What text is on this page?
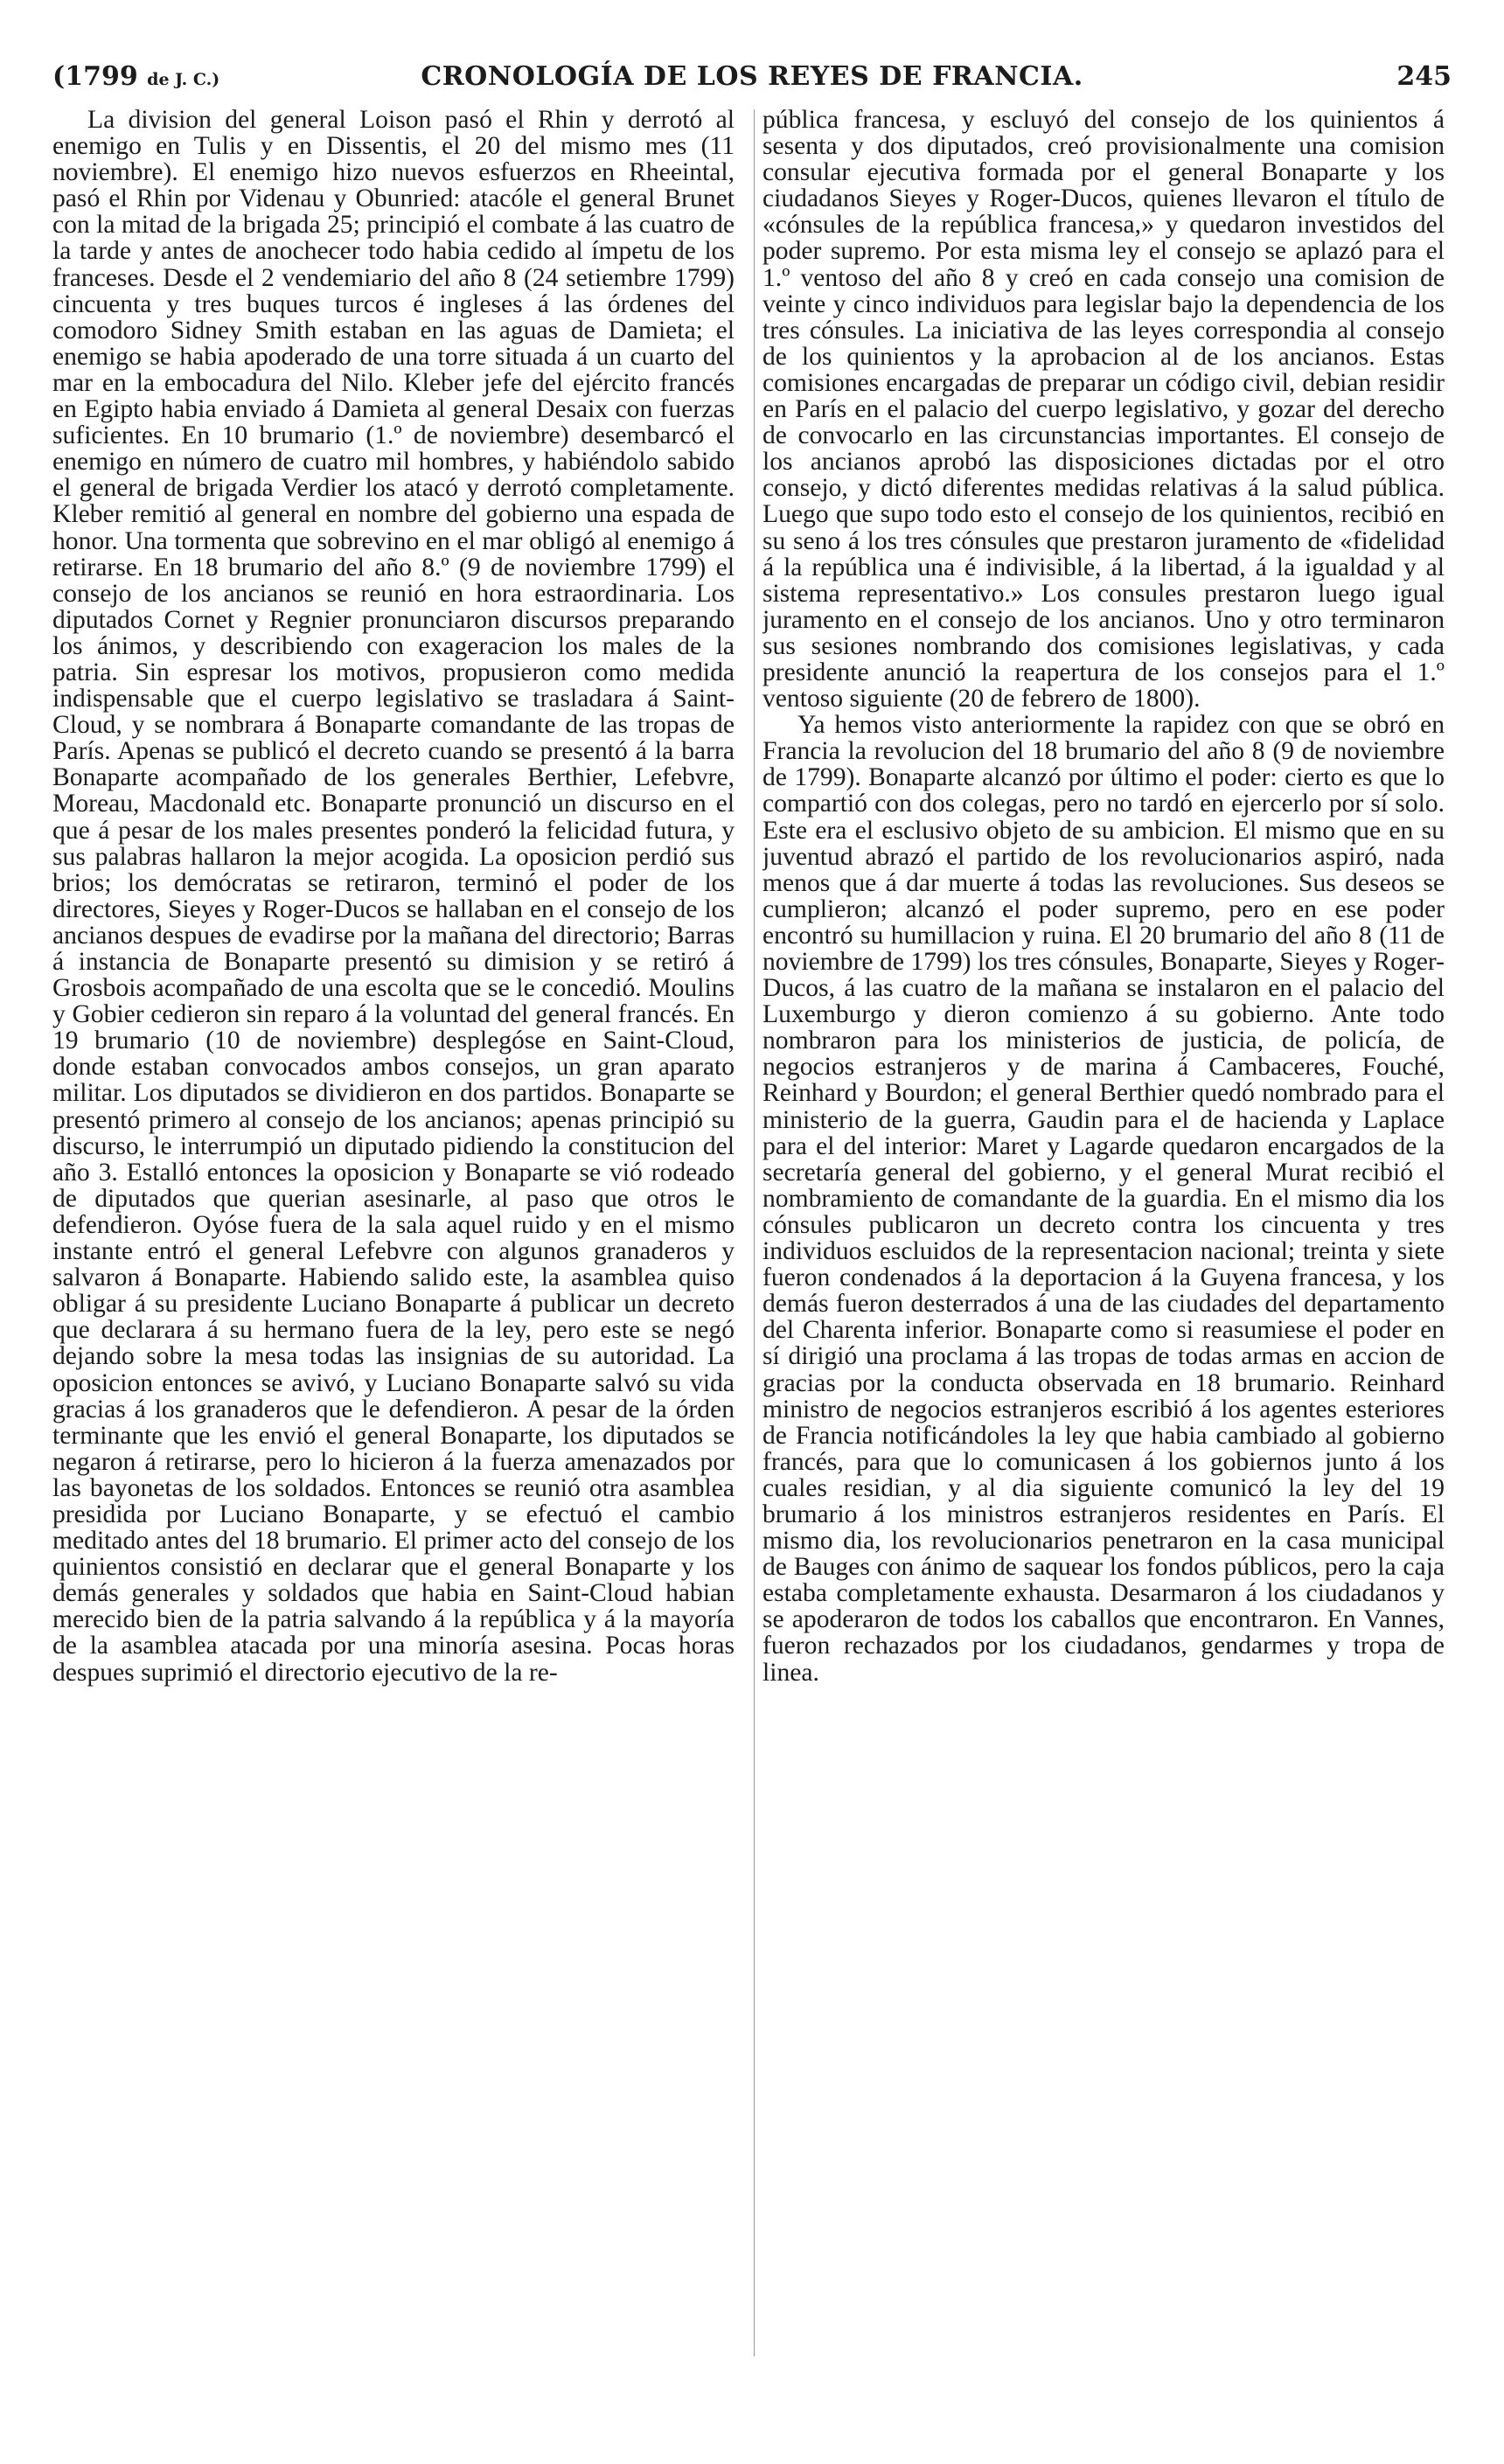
(1799 de J. C.)	CRONOLOGÍA DE LOS REYES DE FRANCIA.	245

La division del general Loison pasó el Rhin y derrotó al enemigo en Tulis y en Dissentis, el 20 del mismo mes (11 noviembre). El enemigo hizo nuevos esfuerzos en Rheeintal, pasó el Rhin por Videnau y Obunried: atacóle el general Brunet con la mitad de la brigada 25; principió el combate á las cuatro de la tarde y antes de anochecer todo habia cedido al ímpetu de los franceses. Desde el 2 vendemiario del año 8 (24 setiembre 1799) cincuenta y tres buques turcos é ingleses á las órdenes del comodoro Sidney Smith estaban en las aguas de Damieta; el enemigo se habia apoderado de una torre situada á un cuarto del mar en la embocadura del Nilo. Kleber jefe del ejército francés en Egipto habia enviado á Damieta al general Desaix con fuerzas suficientes. En 10 brumario (1.º de noviembre) desembarcó el enemigo en número de cuatro mil hombres, y habiéndolo sabido el general de brigada Verdier los atacó y derrotó completamente. Kleber remitió al general en nombre del gobierno una espada de honor. Una tormenta que sobrevino en el mar obligó al enemigo á retirarse. En 18 brumario del año 8.º (9 de noviembre 1799) el consejo de los ancianos se reunió en hora estraordinaria. Los diputados Cornet y Regnier pronunciaron discursos preparando los ánimos, y describiendo con exageracion los males de la patria. Sin espresar los motivos, propusieron como medida indispensable que el cuerpo legislativo se trasladara á Saint-Cloud, y se nombrara á Bonaparte comandante de las tropas de París. Apenas se publicó el decreto cuando se presentó á la barra Bonaparte acompañado de los generales Berthier, Lefebvre, Moreau, Macdonald etc. Bonaparte pronunció un discurso en el que á pesar de los males presentes ponderó la felicidad futura, y sus palabras hallaron la mejor acogida. La oposicion perdió sus brios; los demócratas se retiraron, terminó el poder de los directores, Sieyes y Roger-Ducos se hallaban en el consejo de los ancianos despues de evadirse por la mañana del directorio; Barras á instancia de Bonaparte presentó su dimision y se retiró á Grosbois acompañado de una escolta que se le concedió. Moulins y Gobier cedieron sin reparo á la voluntad del general francés. En 19 brumario (10 de noviembre) desplegóse en Saint-Cloud, donde estaban convocados ambos consejos, un gran aparato militar. Los diputados se dividieron en dos partidos. Bonaparte se presentó primero al consejo de los ancianos; apenas principió su discurso, le interrumpió un diputado pidiendo la constitucion del año 3. Estalló entonces la oposicion y Bonaparte se vió rodeado de diputados que querian asesinarle, al paso que otros le defendieron. Oyóse fuera de la sala aquel ruido y en el mismo instante entró el general Lefebvre con algunos granaderos y salvaron á Bonaparte. Habiendo salido este, la asamblea quiso obligar á su presidente Luciano Bonaparte á publicar un decreto que declarara á su hermano fuera de la ley, pero este se negó dejando sobre la mesa todas las insignias de su autoridad. La oposicion entonces se avivó, y Luciano Bonaparte salvó su vida gracias á los granaderos que le defendieron. A pesar de la órden terminante que les envió el general Bonaparte, los diputados se negaron á retirarse, pero lo hicieron á la fuerza amenazados por las bayonetas de los soldados. Entonces se reunió otra asamblea presidida por Luciano Bonaparte, y se efectuó el cambio meditado antes del 18 brumario. El primer acto del consejo de los quinientos consistió en declarar que el general Bonaparte y los demás generales y soldados que habia en Saint-Cloud habian merecido bien de la patria salvando á la república y á la mayoría de la asamblea atacada por una minoría asesina. Pocas horas despues suprimió el directorio ejecutivo de la re-

pública francesa, y escluyó del consejo de los quinientos á sesenta y dos diputados, creó provisionalmente una comision consular ejecutiva formada por el general Bonaparte y los ciudadanos Sieyes y Roger-Ducos, quienes llevaron el título de «cónsules de la república francesa,» y quedaron investidos del poder supremo. Por esta misma ley el consejo se aplazó para el 1.º ventoso del año 8 y creó en cada consejo una comision de veinte y cinco individuos para legislar bajo la dependencia de los tres cónsules. La iniciativa de las leyes correspondia al consejo de los quinientos y la aprobacion al de los ancianos. Estas comisiones encargadas de preparar un código civil, debian residir en París en el palacio del cuerpo legislativo, y gozar del derecho de convocarlo en las circunstancias importantes. El consejo de los ancianos aprobó las disposiciones dictadas por el otro consejo, y dictó diferentes medidas relativas á la salud pública. Luego que supo todo esto el consejo de los quinientos, recibió en su seno á los tres cónsules que prestaron juramento de «fidelidad á la república una é indivisible, á la libertad, á la igualdad y al sistema representativo.» Los consules prestaron luego igual juramento en el consejo de los ancianos. Uno y otro terminaron sus sesiones nombrando dos comisiones legislativas, y cada presidente anunció la reapertura de los consejos para el 1.º ventoso siguiente (20 de febrero de 1800).

Ya hemos visto anteriormente la rapidez con que se obró en Francia la revolucion del 18 brumario del año 8 (9 de noviembre de 1799). Bonaparte alcanzó por último el poder: cierto es que lo compartió con dos colegas, pero no tardó en ejercerlo por sí solo. Este era el esclusivo objeto de su ambicion. El mismo que en su juventud abrazó el partido de los revolucionarios aspiró, nada menos que á dar muerte á todas las revoluciones. Sus deseos se cumplieron; alcanzó el poder supremo, pero en ese poder encontró su humillacion y ruina. El 20 brumario del año 8 (11 de noviembre de 1799) los tres cónsules, Bonaparte, Sieyes y Roger-Ducos, á las cuatro de la mañana se instalaron en el palacio del Luxemburgo y dieron comienzo á su gobierno. Ante todo nombraron para los ministerios de justicia, de policía, de negocios estranjeros y de marina á Cambaceres, Fouché, Reinhard y Bourdon; el general Berthier quedó nombrado para el ministerio de la guerra, Gaudin para el de hacienda y Laplace para el del interior: Maret y Lagarde quedaron encargados de la secretaría general del gobierno, y el general Murat recibió el nombramiento de comandante de la guardia. En el mismo dia los cónsules publicaron un decreto contra los cincuenta y tres individuos escluidos de la representacion nacional; treinta y siete fueron condenados á la deportacion á la Guyena francesa, y los demás fueron desterrados á una de las ciudades del departamento del Charenta inferior. Bonaparte como si reasumiese el poder en sí dirigió una proclama á las tropas de todas armas en accion de gracias por la conducta observada en 18 brumario. Reinhard ministro de negocios estranjeros escribió á los agentes esteriores de Francia notificándoles la ley que habia cambiado al gobierno francés, para que lo comunicasen á los gobiernos junto á los cuales residian, y al dia siguiente comunicó la ley del 19 brumario á los ministros estranjeros residentes en París. El mismo dia, los revolucionarios penetraron en la casa municipal de Bauges con ánimo de saquear los fondos públicos, pero la caja estaba completamente exhausta. Desarmaron á los ciudadanos y se apoderaron de todos los caballos que encontraron. En Vannes, fueron rechazados por los ciudadanos, gendarmes y tropa de linea.
